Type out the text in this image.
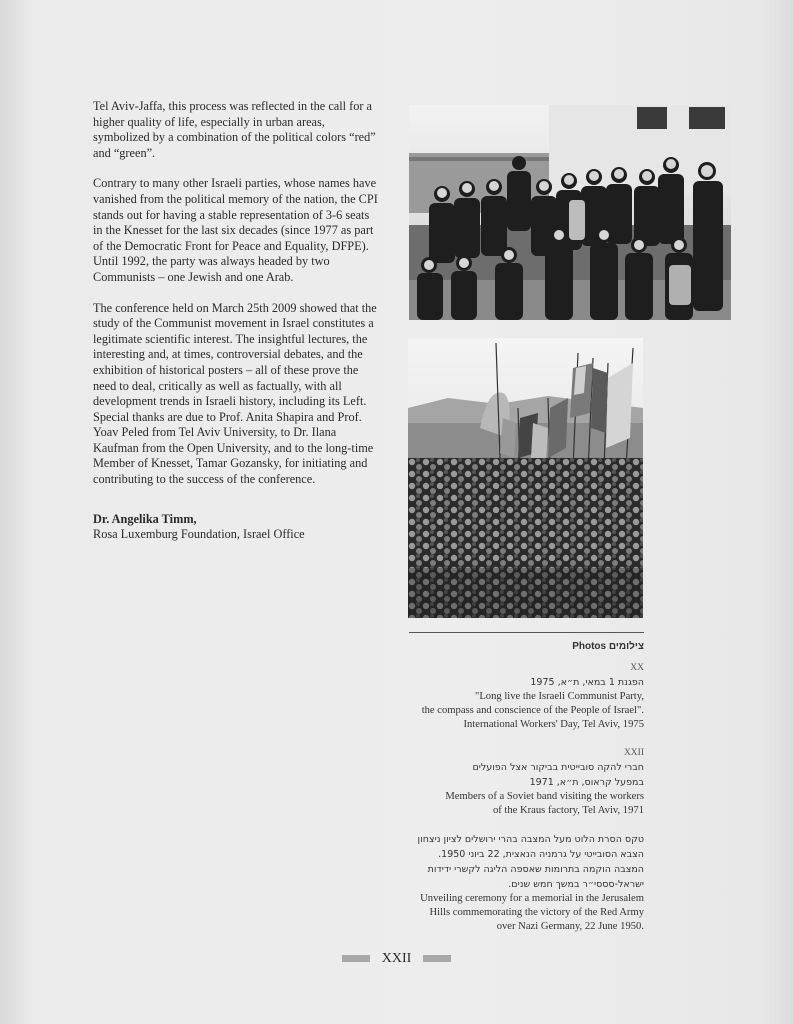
Tel Aviv-Jaffa, this process was reflected in the call for a higher quality of life, especially in urban areas, symbolized by a combination of the political colors “red” and “green”.

Contrary to many other Israeli parties, whose names have vanished from the political memory of the nation, the CPI stands out for having a stable representation of 3-6 seats in the Knesset for the last six decades (since 1977 as part of the Democratic Front for Peace and Equality, DFPE). Until 1992, the party was always headed by two Communists – one Jewish and one Arab.

The conference held on March 25th 2009 showed that the study of the Communist movement in Israel constitutes a legitimate scientific interest. The insightful lectures, the interesting and, at times, controversial debates, and the exhibition of historical posters – all of these prove the need to deal, critically as well as factually, with all development trends in Israeli history, including its Left. Special thanks are due to Prof. Anita Shapira and Prof. Yoav Peled from Tel Aviv University, to Dr. Ilana Kaufman from the Open University, and to the long-time Member of Knesset, Tamar Gozansky, for initiating and contributing to the success of the conference.

Dr. Angelika Timm,
Rosa Luxemburg Foundation, Israel Office
Photos צילומים
XX
הפגנת 1 במאי, ת״א, 1975
"Long live the Israeli Communist Party,
the compass and conscience of the People of Israel".
International Workers' Day, Tel Aviv, 1975
XXII
חברי להקה סובייטית בביקור אצל הפועלים
במפעל קראוס, ת״א, 1971
Members of a Soviet band visiting the workers
of the Kraus factory, Tel Aviv, 1971
טקס הסרת הלוט מעל המצבה בהרי ירושלים לציון ניצחון
הצבא הסובייטי על גרמניה הנאצית, 22 ביוני 1950.
המצבה הוקמה בתרומות שאספה הליגה לקשרי ידידות
ישראל-סססי״ר במשך חמש שנים.
Unveiling ceremony for a memorial in the Jerusalem
Hills commemorating the victory of the Red Army
over Nazi Germany, 22 June 1950.
XXII
